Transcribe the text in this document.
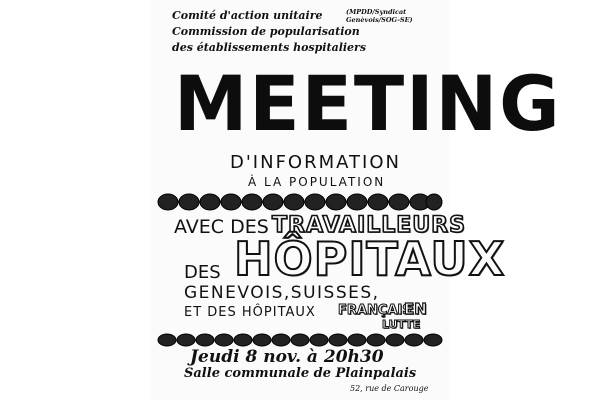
Comité d'action unitaire	(MPDD/Syndicat Genèvois/SOG-SE)
Commission de popularisation
des établissements hospitaliers
MEETING
D'INFORMATION
À LA POPULATION
AVEC DES TRAVAILLEURS
DES HÔPITAUX
GENEVOIS,SUISSES,
ET DES HÔPITAUX FRANÇAIS
EN
LUTTE
Jeudi 8 nov. à 20h30
Salle communale de Plainpalais
52, rue de Carouge
